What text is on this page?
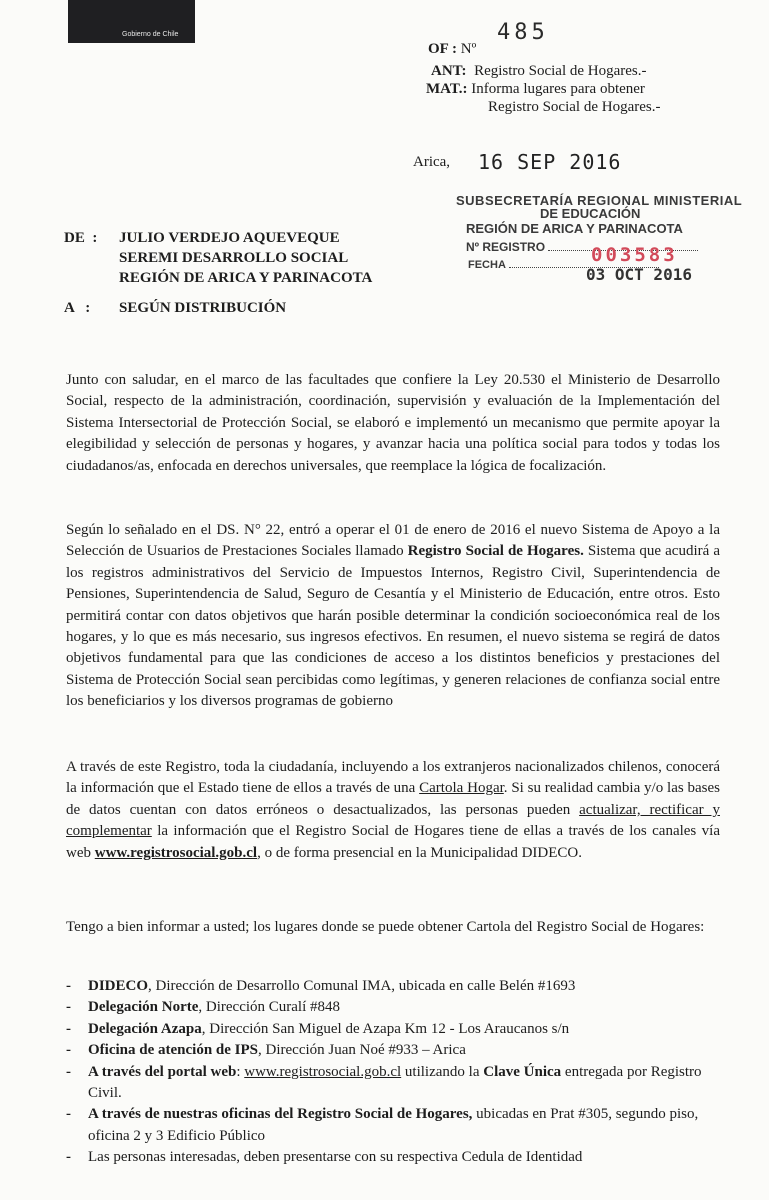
Gobierno de Chile
OF : Nº
485
ANT: Registro Social de Hogares.-
MAT.: Informa lugares para obtener
Registro Social de Hogares.-
Arica, 16 SEP 2016
SUBSECRETARÍA REGIONAL MINISTERIAL
DE EDUCACIÓN
REGIÓN DE ARICA Y PARINACOTA
Nº REGISTRO
FECHA	003583
03 OCT 2016
DE :	JULIO VERDEJO AQUEVEQUE
SEREMI DESARROLLO SOCIAL
REGIÓN DE ARICA Y PARINACOTA
A : SEGÚN DISTRIBUCIÓN
Junto con saludar, en el marco de las facultades que confiere la Ley 20.530 el Ministerio de Desarrollo Social, respecto de la administración, coordinación, supervisión y evaluación de la Implementación del Sistema Intersectorial de Protección Social, se elaboró e implementó un mecanismo que permite apoyar la elegibilidad y selección de personas y hogares, y avanzar hacia una política social para todos y todas los ciudadanos/as, enfocada en derechos universales, que reemplace la lógica de focalización.
Según lo señalado en el DS. N° 22, entró a operar el 01 de enero de 2016 el nuevo Sistema de Apoyo a la Selección de Usuarios de Prestaciones Sociales llamado Registro Social de Hogares. Sistema que acudirá a los registros administrativos del Servicio de Impuestos Internos, Registro Civil, Superintendencia de Pensiones, Superintendencia de Salud, Seguro de Cesantía y el Ministerio de Educación, entre otros. Esto permitirá contar con datos objetivos que harán posible determinar la condición socioeconómica real de los hogares, y lo que es más necesario, sus ingresos efectivos. En resumen, el nuevo sistema se regirá de datos objetivos fundamental para que las condiciones de acceso a los distintos beneficios y prestaciones del Sistema de Protección Social sean percibidas como legítimas, y generen relaciones de confianza social entre los beneficiarios y los diversos programas de gobierno
A través de este Registro, toda la ciudadanía, incluyendo a los extranjeros nacionalizados chilenos, conocerá la información que el Estado tiene de ellos a través de una Cartola Hogar. Si su realidad cambia y/o las bases de datos cuentan con datos erróneos o desactualizados, las personas pueden actualizar, rectificar y complementar la información que el Registro Social de Hogares tiene de ellas a través de los canales vía web www.registrosocial.gob.cl, o de forma presencial en la Municipalidad DIDECO.
Tengo a bien informar a usted; los lugares donde se puede obtener Cartola del Registro Social de Hogares:
- DIDECO, Dirección de Desarrollo Comunal IMA, ubicada en calle Belén #1693
- Delegación Norte, Dirección Curalí #848
- Delegación Azapa, Dirección San Miguel de Azapa Km 12 - Los Araucanos s/n
- Oficina de atención de IPS, Dirección Juan Noé #933 – Arica
- A través del portal web: www.registrosocial.gob.cl utilizando la Clave Única entregada por Registro Civil.
- A través de nuestras oficinas del Registro Social de Hogares, ubicadas en Prat #305, segundo piso, oficina 2 y 3 Edificio Público
- Las personas interesadas, deben presentarse con su respectiva Cedula de Identidad
